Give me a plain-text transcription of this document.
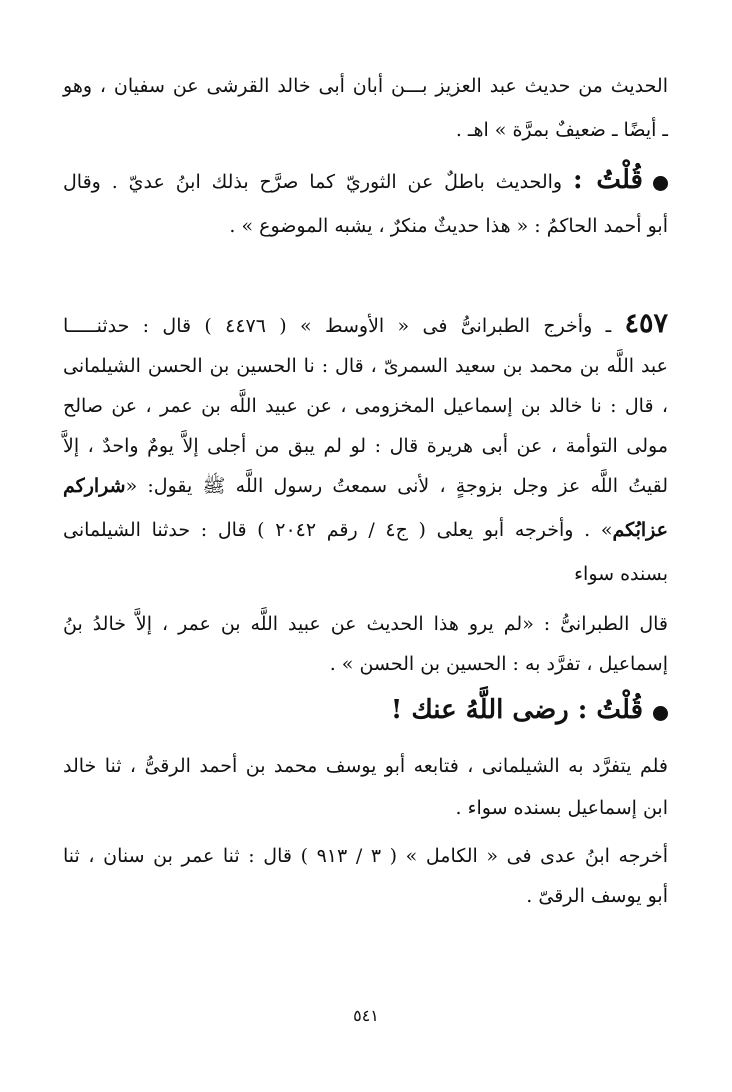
الحديث من حديث عبد العزيز بـــن أبان أبى خالد القرشى عن سفيان ، وهو
ـ أيضًا ـ ضعيفٌ بمرَّة » اهـ .
قُلْتُ : والحديث باطلٌ عن الثوريّ كما صرَّح بذلك ابنُ عديّ . وقال
أبو أحمد الحاكمُ : « هذا حديثٌ منكرٌ ، يشبه الموضوع » .
٤٥٧ ـ وأخرج الطبرانىُّ فى « الأوسط » ( ٤٤٧٦ ) قال : حدثنـــــا
عبد اللَّه بن محمد بن سعيد السمرىّ ، قال : نا الحسين بن الحسن الشيلمانى
، قال : نا خالد بن إسماعيل المخزومى ، عن عبيد اللَّه بن عمر ، عن صالح
مولى التوأمة ، عن أبى هريرة قال : لو لم يبق من أجلى إلاَّ يومٌ واحدٌ ، إلاَّ
لقيتُ اللَّه عز وجل بزوجةٍ ، لأنى سمعتُ رسول اللَّه ﷺ يقول: «شراركم
عزابُكم» . وأخرجه أبو يعلى ( ج٤ / رقم ٢٠٤٢ ) قال : حدثنا الشيلمانى
بسنده سواء
قال الطبرانىُّ : «لم يرو هذا الحديث عن عبيد اللَّه بن عمر ، إلاَّ خالدُ بنُ
إسماعيل ، تفرَّد به : الحسين بن الحسن » .
قُلْتُ : رضى اللَّهُ عنك !
فلم يتفرَّد به الشيلمانى ، فتابعه أبو يوسف محمد بن أحمد الرقىُّ ، ثنا خالد
ابن إسماعيل بسنده سواء .
أخرجه ابنُ عدى فى « الكامل » ( ٣ / ٩١٣ ) قال : ثنا عمر بن سنان ، ثنا
أبو يوسف الرقىّ .
٥٤١
